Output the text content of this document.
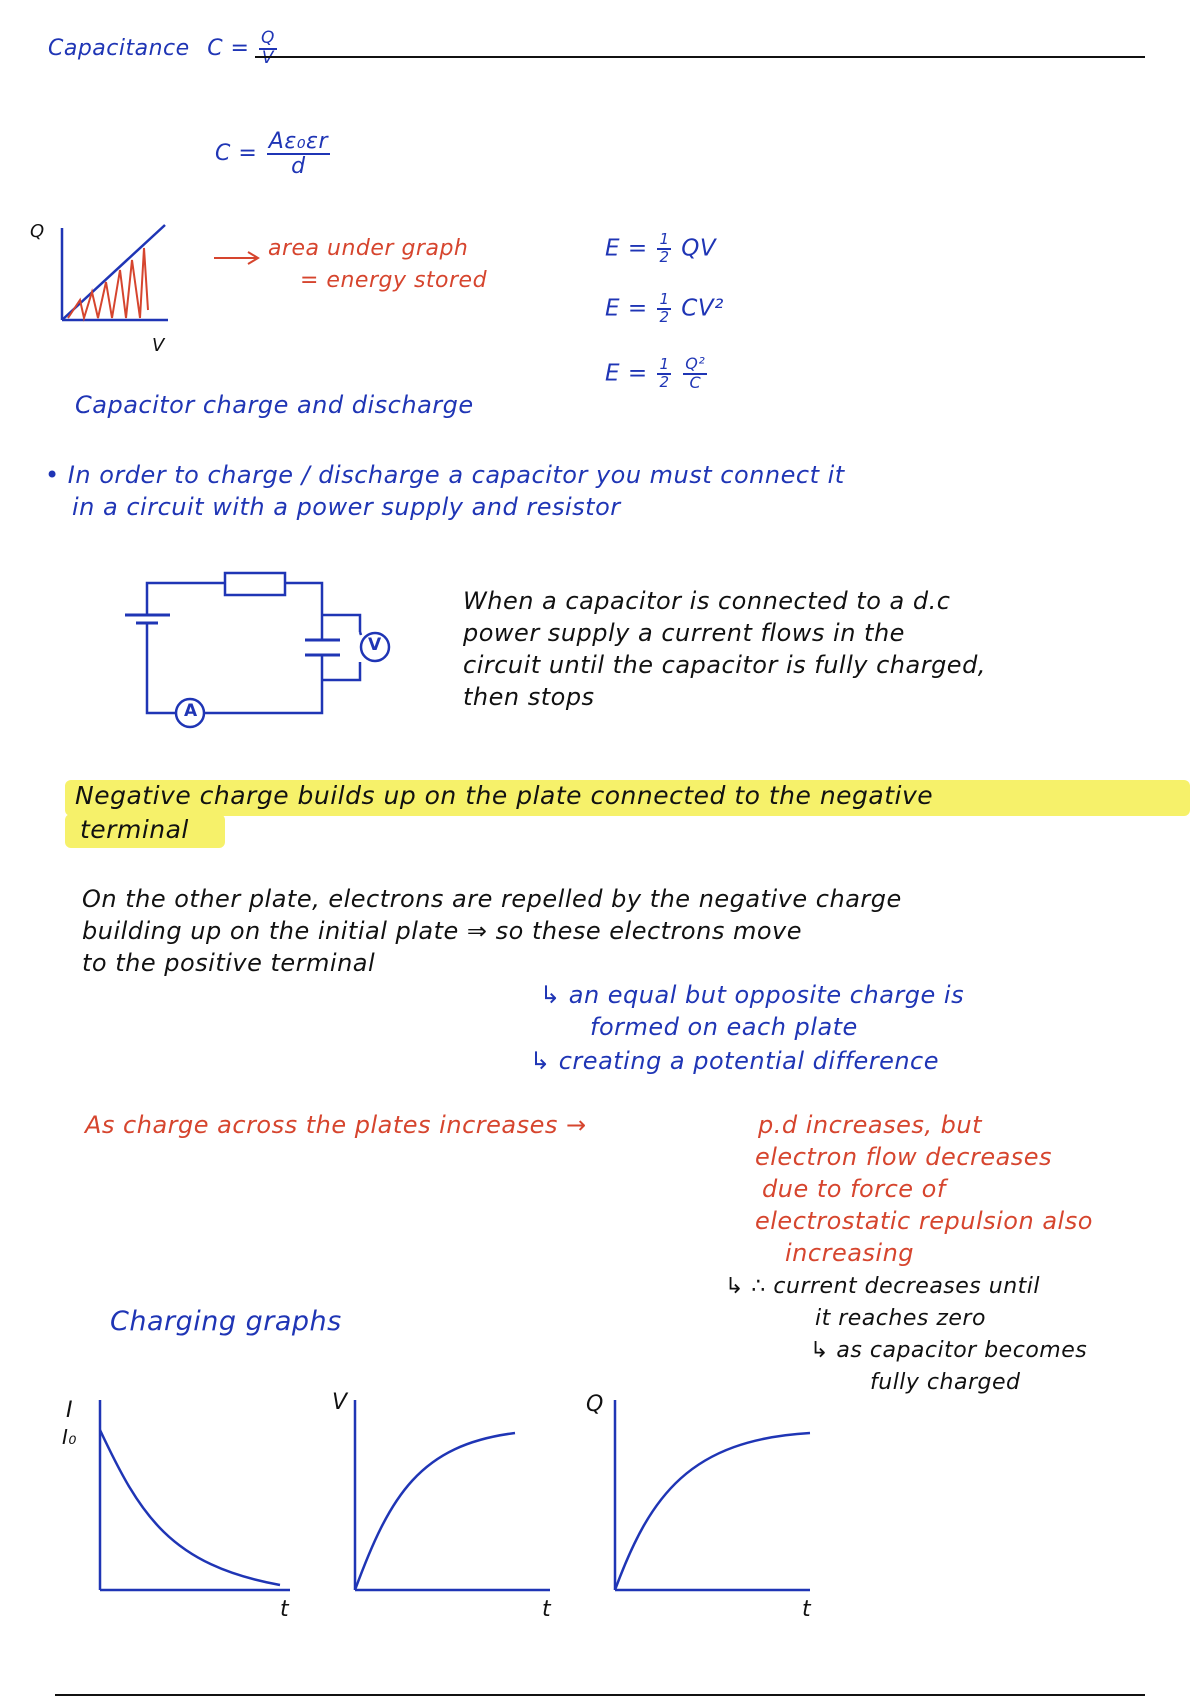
Capacitance $C = \frac{Q}{V}$
$C = \frac{\text{Aε₀εr}}{d}$
Q
V
area under graph
= energy stored
$E = \frac{1}{2}$ QV
$E = \frac{1}{2} CV^2$
$E = \frac{1}{2}$
$\frac{\text{Q²}}{C}$
Capacitor charge and discharge
• In order to charge / discharge a capacitor you must connect it
in a circuit with a power supply and resistor
V
A
When a capacitor is connected to a d.c
power supply a current flows in the
circuit until the capacitor is fully charged,
then stops
Negative charge builds up on the plate connected to the negative
terminal
On the other plate, electrons are repelled by the negative charge
building up on the initial plate ⇒ so these electrons move
to the positive terminal
↳ an equal but opposite charge is
formed on each plate
↳ creating a potential difference
As charge across the plates increases →	p.d increases, but
electron flow decreases
due to force of
electrostatic repulsion also
increasing
↳ ∴ current decreases until
it reaches zero
↳ as capacitor becomes
fully charged
Charging graphs
I
I₀
t
V
t
Q
t
